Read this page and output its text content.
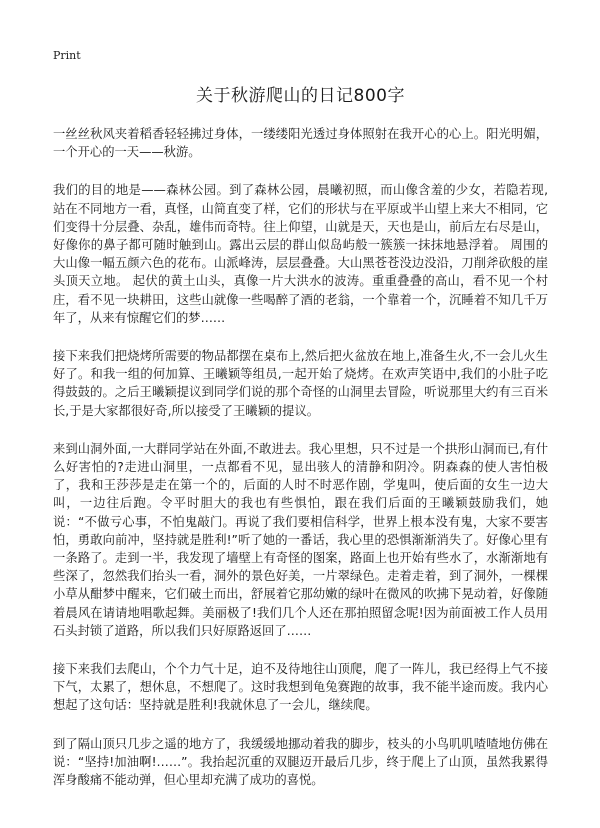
Print
关于秋游爬山的日记800字

一丝丝秋风夹着稻香轻轻拂过身体，一缕缕阳光透过身体照射在我开心的心上。阳光明媚，一个开心的一天——秋游。

我们的目的地是——森林公园。到了森林公园，晨曦初照，而山像含羞的少女，若隐若现,站在不同地方一看，真怪，山简直变了样，它们的形状与在平原或半山望上来大不相同，它们变得十分层叠、杂乱，雄伟而奇特。往上仰望，山就是天，天也是山，前后左右尽是山，好像你的鼻子都可随时触到山。露出云层的群山似岛屿般一簇簇一抹抹地悬浮着。 周围的大山像一幅五颜六色的花布。山派峰涛，层层叠叠。大山黑苍苍没边没沿，刀削斧砍般的崖头顶天立地。 起伏的黄土山头，真像一片大洪水的波涛。重重叠叠的高山，看不见一个村庄，看不见一块耕田，这些山就像一些喝醉了酒的老翁，一个靠着一个，沉睡着不知几千万年了，从来有惊醒它们的梦……

接下来我们把烧烤所需要的物品都摆在桌布上,然后把火盆放在地上,准备生火,不一会儿火生好了。和我一组的何加算、王曦颖等组员,一起开始了烧烤。在欢声笑语中,我们的小肚子吃得鼓鼓的。之后王曦颖提议到同学们说的那个奇怪的山洞里去冒险，听说那里大约有三百米长,于是大家都很好奇,所以接受了王曦颖的提议。

来到山洞外面,一大群同学站在外面,不敢进去。我心里想，只不过是一个拱形山洞而已,有什么好害怕的?走进山洞里，一点都看不见，显出骇人的清静和阴冷。阴森森的使人害怕极了，我和王莎莎是走在第一个的，后面的人时不时恶作剧，学鬼叫，使后面的女生一边大叫，一边往后跑。令平时胆大的我也有些惧怕，跟在我们后面的王曦颖鼓励我们，她说：“不做亏心事，不怕鬼敲门。再说了我们要相信科学，世界上根本没有鬼，大家不要害怕，勇敢向前冲，坚持就是胜利!”听了她的一番话，我心里的恐惧渐渐消失了。好像心里有一条路了。走到一半，我发现了墙壁上有奇怪的图案，路面上也开始有些水了，水渐渐地有些深了，忽然我们抬头一看，洞外的景色好美，一片翠绿色。走着走着，到了洞外，一棵棵小草从酣梦中醒来，它们破土而出，舒展着它那幼嫩的绿叶在微风的吹拂下晃动着，好像随着晨风在请请地唱歌起舞。美丽极了!我们几个人还在那拍照留念呢!因为前面被工作人员用石头封锁了道路，所以我们只好原路返回了……

接下来我们去爬山，个个力气十足，迫不及待地往山顶爬，爬了一阵儿，我已经得上气不接下气，太累了，想休息，不想爬了。这时我想到龟兔赛跑的故事，我不能半途而废。我内心想起了这句话：坚持就是胜利!我就休息了一会儿，继续爬。

到了隔山顶只几步之遥的地方了，我缓缓地挪动着我的脚步，枝头的小鸟叽叽喳喳地仿佛在说：“坚持!加油啊!……”。我抬起沉重的双腿迈开最后几步，终于爬上了山顶，虽然我累得浑身酸痛不能动弹，但心里却充满了成功的喜悦。
